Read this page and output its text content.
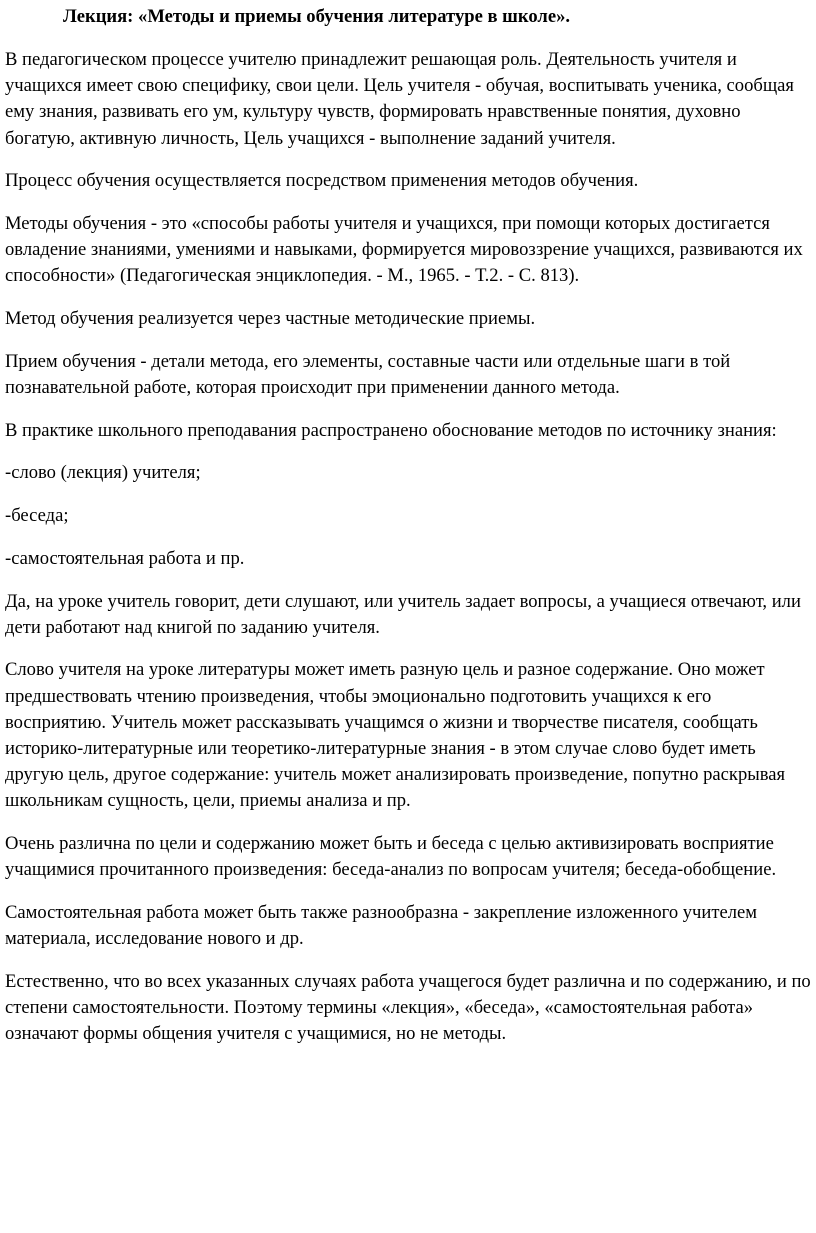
Лекция: «Методы и приемы обучения литературе в школе».

В педагогическом процессе учителю принадлежит решающая роль. Деятельность учителя и учащихся имеет свою специфику, свои цели. Цель учителя - обучая, воспитывать ученика, сообщая ему знания, развивать его ум, культуру чувств, формировать нравственные понятия, духовно богатую, активную личность, Цель учащихся - выполнение заданий учителя.

Процесс обучения осуществляется посредством применения методов обучения.

Методы обучения - это «способы работы учителя и учащихся, при помощи которых достигается овладение знаниями, умениями и навыками, формируется мировоззрение учащихся, развиваются их способности» (Педагогическая энциклопедия. - М., 1965. - Т.2. - С. 813).

Метод обучения реализуется через частные методические приемы.

Прием обучения - детали метода, его элементы, составные части или отдельные шаги в той познавательной работе, которая происходит при применении данного метода.

В практике школьного преподавания распространено обоснование методов по источнику знания:

-слово (лекция) учителя;

-беседа;

-самостоятельная работа и пр.

Да, на уроке учитель говорит, дети слушают, или учитель задает вопросы, а учащиеся отвечают, или дети работают над книгой по заданию учителя.

Слово учителя на уроке литературы может иметь разную цель и разное содержание. Оно может предшествовать чтению произведения, чтобы эмоционально подготовить учащихся к его восприятию. Учитель может рассказывать учащимся о жизни и творчестве писателя, сообщать историко-литературные или теоретико-литературные знания - в этом случае слово будет иметь другую цель, другое содержание: учитель может анализировать произведение, попутно раскрывая школьникам сущность, цели, приемы анализа и пр.

Очень различна по цели и содержанию может быть и беседа с целью активизировать восприятие учащимися прочитанного произведения: беседа-анализ по вопросам учителя; беседа-обобщение.

Самостоятельная работа может быть также разнообразна - закрепление изложенного учителем материала, исследование нового и др.

Естественно, что во всех указанных случаях работа учащегося будет различна и по содержанию, и по степени самостоятельности. Поэтому термины «лекция», «беседа», «самостоятельная работа» означают формы общения учителя с учащимися, но не методы.
